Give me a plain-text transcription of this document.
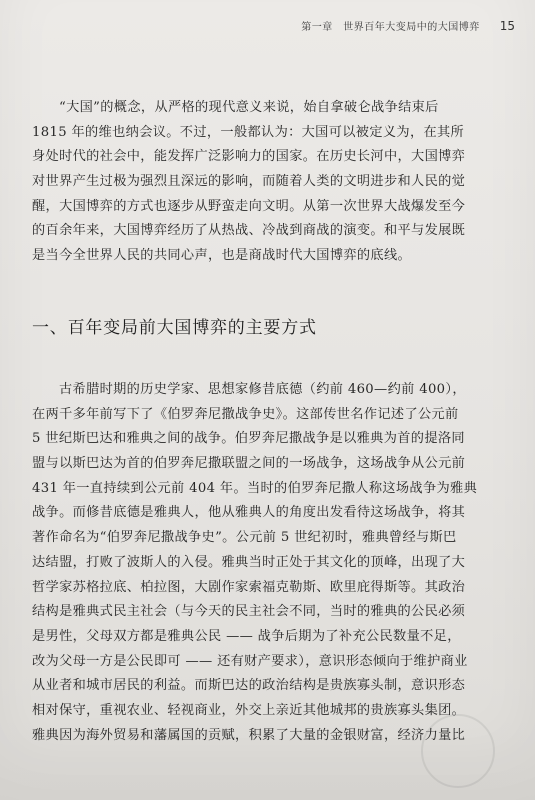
第一章　世界百年大变局中的大国博弈 15
“大国”的概念，从严格的现代意义来说，始自拿破仑战争结束后
1815 年的维也纳会议。不过，一般都认为：大国可以被定义为，在其所
身处时代的社会中，能发挥广泛影响力的国家。在历史长河中，大国博弈
对世界产生过极为强烈且深远的影响，而随着人类的文明进步和人民的觉
醒，大国博弈的方式也逐步从野蛮走向文明。从第一次世界大战爆发至今
的百余年来，大国博弈经历了从热战、冷战到商战的演变。和平与发展既
是当今全世界人民的共同心声，也是商战时代大国博弈的底线。
一、百年变局前大国博弈的主要方式
古希腊时期的历史学家、思想家修昔底德（约前 460—约前 400），
在两千多年前写下了《伯罗奔尼撒战争史》。这部传世名作记述了公元前
5 世纪斯巴达和雅典之间的战争。伯罗奔尼撒战争是以雅典为首的提洛同
盟与以斯巴达为首的伯罗奔尼撒联盟之间的一场战争，这场战争从公元前
431 年一直持续到公元前 404 年。当时的伯罗奔尼撒人称这场战争为雅典
战争。而修昔底德是雅典人，他从雅典人的角度出发看待这场战争，将其
著作命名为“伯罗奔尼撒战争史”。公元前 5 世纪初时，雅典曾经与斯巴
达结盟，打败了波斯人的入侵。雅典当时正处于其文化的顶峰，出现了大
哲学家苏格拉底、柏拉图，大剧作家索福克勒斯、欧里庇得斯等。其政治
结构是雅典式民主社会（与今天的民主社会不同，当时的雅典的公民必须
是男性，父母双方都是雅典公民 —— 战争后期为了补充公民数量不足，
改为父母一方是公民即可 —— 还有财产要求），意识形态倾向于维护商业
从业者和城市居民的利益。而斯巴达的政治结构是贵族寡头制，意识形态
相对保守，重视农业、轻视商业，外交上亲近其他城邦的贵族寡头集团。
雅典因为海外贸易和藩属国的贡赋，积累了大量的金银财富，经济力量比
